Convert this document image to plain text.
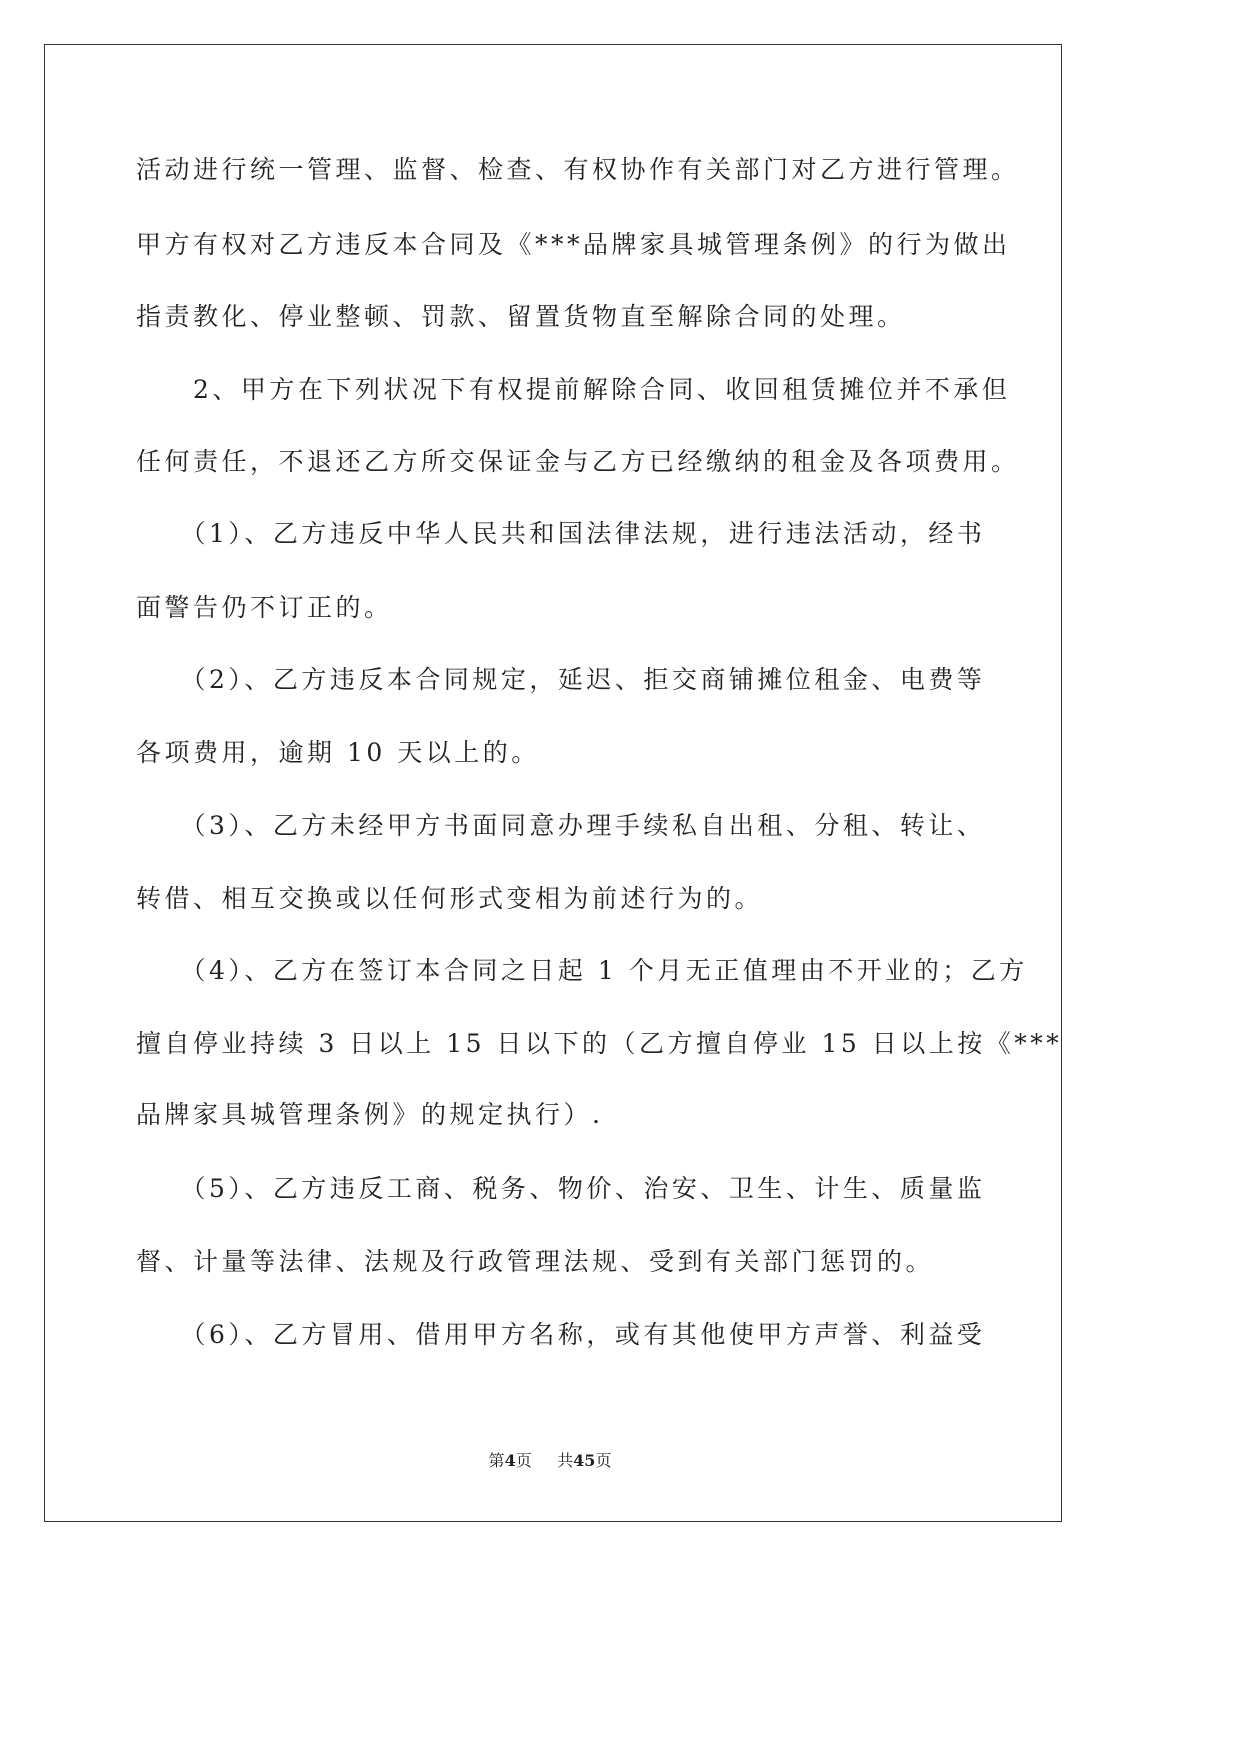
活动进行统一管理、监督、检查、有权协作有关部门对乙方进行管理。
甲方有权对乙方违反本合同及《***品牌家具城管理条例》的行为做出
指责教化、停业整顿、罚款、留置货物直至解除合同的处理。
　　2、甲方在下列状况下有权提前解除合同、收回租赁摊位并不承但
任何责任，不退还乙方所交保证金与乙方已经缴纳的租金及各项费用。
　　（1）、乙方违反中华人民共和国法律法规，进行违法活动，经书
面警告仍不订正的。
　　（2）、乙方违反本合同规定，延迟、拒交商铺摊位租金、电费等
各项费用，逾期 10 天以上的。
　　（3）、乙方未经甲方书面同意办理手续私自出租、分租、转让、
转借、相互交换或以任何形式变相为前述行为的。
　　（4）、乙方在签订本合同之日起 1 个月无正值理由不开业的；乙方
擅自停业持续 3 日以上 15 日以下的（乙方擅自停业 15 日以上按《***
品牌家具城管理条例》的规定执行）.
　　（5）、乙方违反工商、税务、物价、治安、卫生、计生、质量监
督、计量等法律、法规及行政管理法规、受到有关部门惩罚的。
　　（6）、乙方冒用、借用甲方名称，或有其他使甲方声誉、利益受
第4页 共45页
